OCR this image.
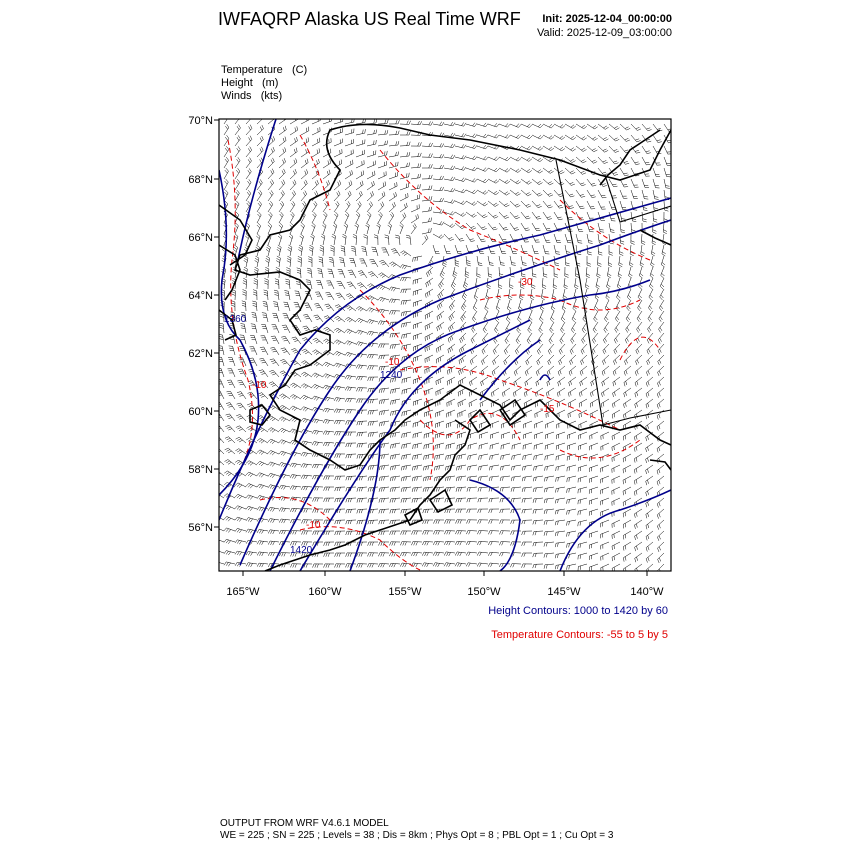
IWFAQRP Alaska US Real Time WRF Init: 2025-12-04_00:00:00
Valid: 2025-12-09_03:00:00
Temperature (C)
Height (m)
Winds (kts)
70°N
68°N
66°N
64°N
62°N
60°N
58°N
56°N
165°W	160°W	155°W	150°W	145°W	140°W
1360
1240
1420
-30
-10
-10
-10
-15
Height Contours: 1000 to 1420 by 60
Temperature Contours: -55 to 5 by 5
OUTPUT FROM WRF V4.6.1 MODEL
WE = 225 ; SN = 225 ; Levels = 38 ; Dis = 8km ; Phys Opt = 8 ; PBL Opt = 1 ; Cu Opt = 3
